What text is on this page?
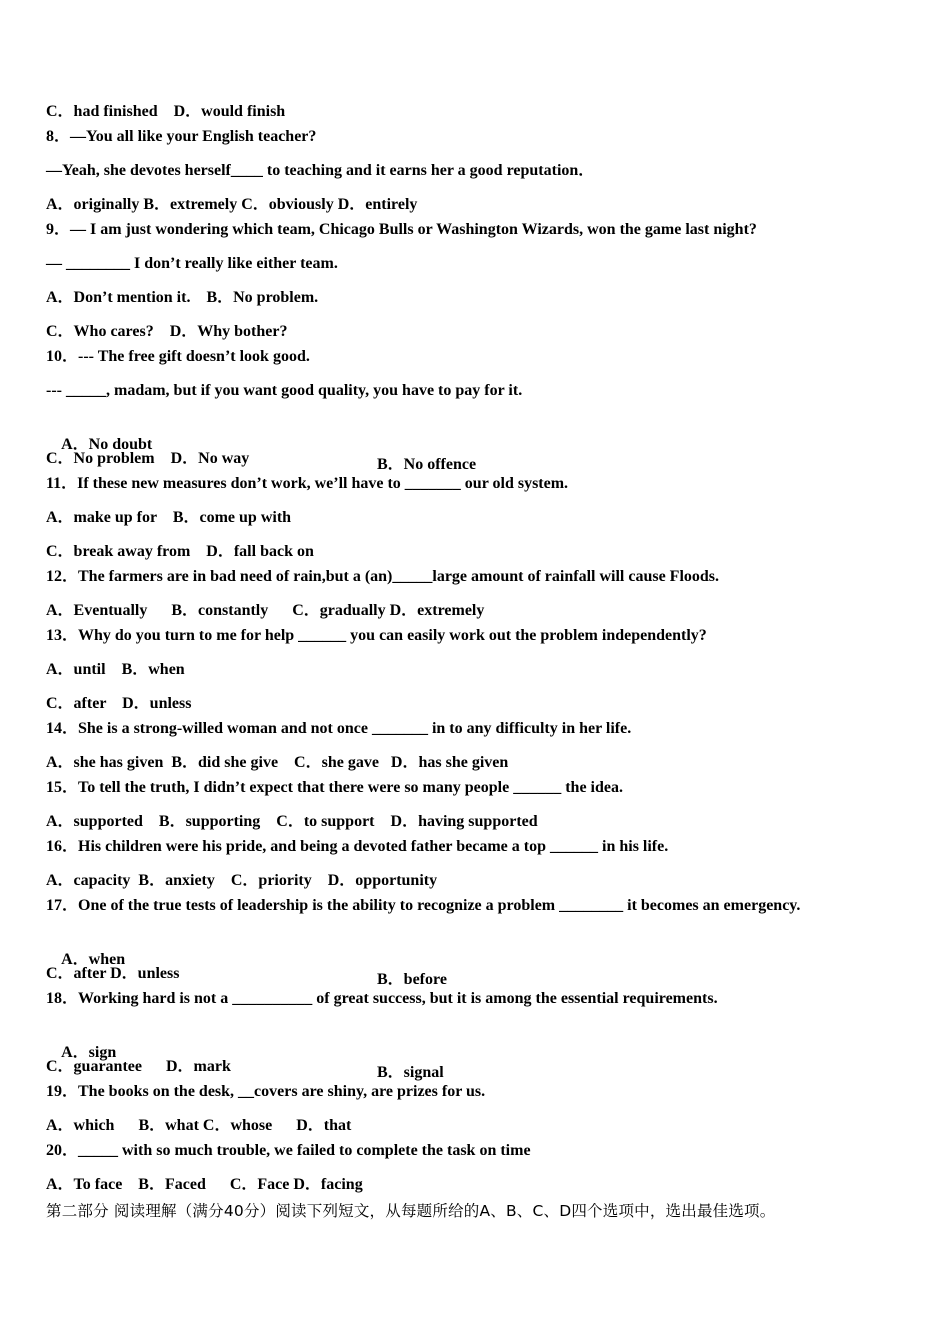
C．had finished    D．would finish
8．—You all like your English teacher?
—Yeah, she devotes herself____ to teaching and it earns her a good reputation．
A．originally B．extremely C．obviously D．entirely
9．— I am just wondering which team, Chicago Bulls or Washington Wizards, won the game last night?
— ________ I don’t really like either team.
A．Don’t mention it.    B．No problem.
C．Who cares?    D．Why bother?
10．--- The free gift doesn’t look good.
--- _____, madam, but if you want good quality, you have to pay for it.

A．No doubt

B．No offence

C．No problem    D．No way
11．If these new measures don’t work, we’ll have to _______ our old system.
A．make up for    B．come up with
C．break away from    D．fall back on
12．The farmers are in bad need of rain,but a (an)_____large amount of rainfall will cause Floods.
A．Eventually      B．constantly      C．gradually D．extremely
13．Why do you turn to me for help ______ you can easily work out the problem independently?
A．until    B．when
C．after    D．unless
14．She is a strong-willed woman and not once _______ in to any difficulty in her life.
A．she has given  B．did she give    C．she gave   D．has she given
15．To tell the truth, I didn’t expect that there were so many people ______ the idea.
A．supported    B．supporting    C．to support    D．having supported
16．His children were his pride, and being a devoted father became a top ______ in his life.
A．capacity  B．anxiety    C．priority    D．opportunity
17．One of the true tests of leadership is the ability to recognize a problem ________ it becomes an emergency.

A．when

B．before

C．after D．unless
18．Working hard is not a __________ of great success, but it is among the essential requirements.

A．sign

B．signal

C．guarantee      D．mark
19．The books on the desk, __covers are shiny, are prizes for us.
A．which      B．what C．whose      D．that
20．_____ with so much trouble, we failed to complete the task on time
A．To face    B．Faced      C．Face D．facing
第二部分 阅读理解（满分40分）阅读下列短文，从每题所给的A、B、C、D四个选项中，选出最佳选项。
